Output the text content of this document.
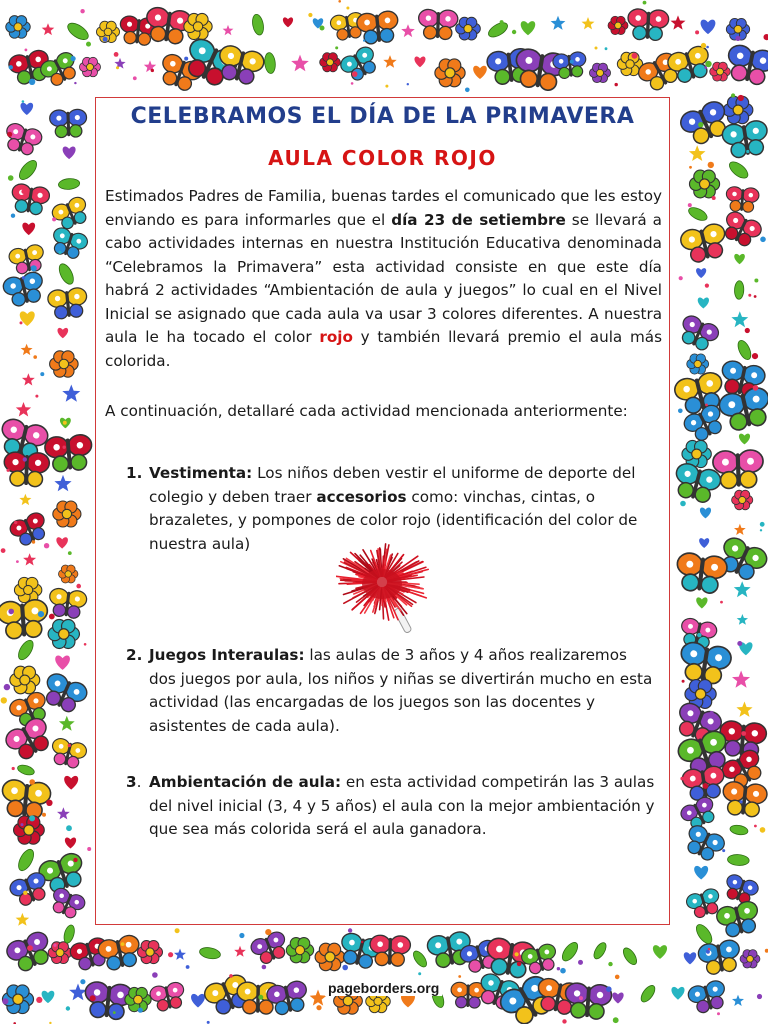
CELEBRAMOS EL DÍA DE LA PRIMAVERA
AULA COLOR ROJO
Estimados Padres de Familia, buenas tardes el comunicado que les estoy enviando es para informarles que el día 23 de setiembre se llevará a cabo actividades internas en nuestra Institución Educativa denominada “Celebramos la Primavera” esta actividad consiste en que este día habrá 2 actividades “Ambientación de aula y juegos” lo cual en el Nivel Inicial se asignado que cada aula va usar 3 colores diferentes. A nuestra aula le ha tocado el color rojo y también llevará premio el aula más colorida.
A continuación, detallaré cada actividad mencionada anteriormente:
1. Vestimenta: Los niños deben vestir el uniforme de deporte del colegio y deben traer accesorios como: vinchas, cintas, o brazaletes, y pompones de color rojo (identificación del color de nuestra aula)
2. Juegos Interaulas: las aulas de 3 años y 4 años realizaremos dos juegos por aula, los niños y niñas se divertirán mucho en esta actividad (las encargadas de los juegos son las docentes y asistentes de cada aula).
3. Ambientación de aula: en esta actividad competirán las 3 aulas del nivel inicial (3, 4 y 5 años) el aula con la mejor ambientación y que sea más colorida será el aula ganadora.
pageborders.org
